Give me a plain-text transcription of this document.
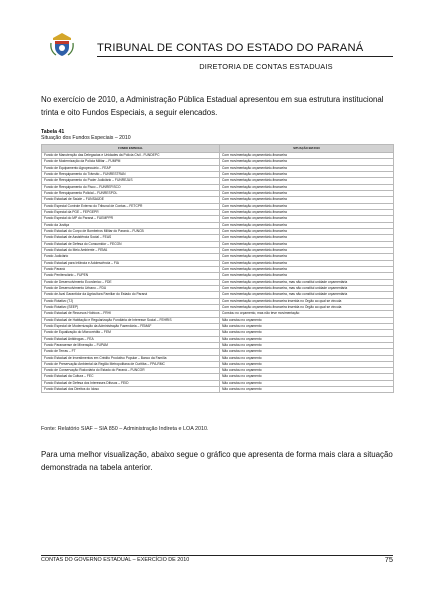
TRIBUNAL DE CONTAS DO ESTADO DO PARANÁ
DIRETORIA DE CONTAS ESTADUAIS

No exercício de 2010, a Administração Pública Estadual apresentou em sua estrutura institucional trinta e oito Fundos Especiais, a seguir elencados.

Tabela 41
Situação dos Fundos Especiais – 2010
FUNDO ESPECIAL	SITUAÇÃO EM 2010
Fundo de Manutenção das Delegacias e Unidades da Polícia Civil - FUNDEPC	Com movimentação orçamentário-financeira
Fundo de Modernização da Polícia Militar – FUMPM	Com movimentação orçamentário-financeira
Fundo de Equipamento Agropecuário – FEAP	Com movimentação orçamentário-financeira
Fundo de Reequipamento do Trânsito – FUNRESTRAN	Com movimentação orçamentário-financeira
Fundo de Reequipamento do Poder Judiciário – FUNREJUS	Com movimentação orçamentário-financeira
Fundo de Reequipamento do Fisco – FUNREFISCO	Com movimentação orçamentário-financeira
Fundo de Reequipamento Policial – FUNRESPOL	Com movimentação orçamentário-financeira
Fundo Estadual de Saúde – FUNSAÚDE	Com movimentação orçamentário-financeira
Fundo Especial Controle Externo do Tribunal de Contas – FETCPR	Com movimentação orçamentário-financeira
Fundo Especial da PGE – FEPGEPR	Com movimentação orçamentário-financeira
Fundo Especial do MP do Paraná – FUEMPPR	Com movimentação orçamentário-financeira
Fundo da Justiça	Com movimentação orçamentário-financeira
Fundo Estadual do Corpo de Bombeiros Militar do Paraná – FUNCB	Com movimentação orçamentário-financeira
Fundo Estadual de Assistência Social – FEAS	Com movimentação orçamentário-financeira
Fundo Estadual de Defesa do Consumidor – FECON	Com movimentação orçamentário-financeira
Fundo Estadual do Meio Ambiente – FEMA	Com movimentação orçamentário-financeira
Fundo Judiciário	Com movimentação orçamentário-financeira
Fundo Estadual para Infância e Adolescência – FIA	Com movimentação orçamentário-financeira
Fundo Paraná	Com movimentação orçamentário-financeira
Fundo Penitenciário – FUPEN	Com movimentação orçamentário-financeira
Fundo de Desenvolvimento Econômico – FDE	Com movimentação orçamentário-financeira, mas não constitui unidade orçamentária
Fundo de Desenvolvimento Urbano – FDU	Com movimentação orçamentário-financeira, mas não constitui unidade orçamentária
Fundo de Aval Garantidor da Agricultura Familiar do Estado do Paraná	Com movimentação orçamentário-financeira, mas não constitui unidade orçamentária
Fundo Rotativo (TJ)	Com movimentação orçamentário-financeira inserida no Órgão ao qual se vincula
Fundo Rotativo (SEEP)	Com movimentação orçamentário-financeira inserida no Órgão ao qual se vincula
Fundo Estadual de Recursos Hídricos – FRHI	Constou no orçamento, mas não teve movimentação
Fundo Estadual de Habitação e Regularização Fundiária de Interesse Social – FEHRIS	Não constou no orçamento
Fundo Especial de Modernização da Administração Fazendária – FEMAF	Não constou no orçamento
Fundo de Equalização do Microcrédito – FEM	Não constou no orçamento
Fundo Estadual Antidrogas – FEA	Não constou no orçamento
Fundo Paranaense de Mineração – FUPAM	Não constou no orçamento
Fundo de Terras – FT	Não constou no orçamento
Fundo Estadual de Investimentos em Crédito Produtivo Popular – Banco da Família	Não constou no orçamento
Fundo de Preservação Ambiental da Região Metropolitana de Curitiba – FPA-RMC	Não constou no orçamento
Fundo de Conservação Rodoviária do Estado do Paraná – FUNCOR	Não constou no orçamento
Fundo Estadual da Cultura – FEC	Não constou no orçamento
Fundo Estadual de Defesa dos Interesses Difusos – FEID	Não constou no orçamento
Fundo Estadual dos Direitos do Idoso	Não constou no orçamento
Fonte: Relatório SIAF – SIA 850 – Administração Indireta e LOA 2010.

Para uma melhor visualização, abaixo segue o gráfico que apresenta de forma mais clara a situação demonstrada na tabela anterior.

CONTAS DO GOVERNO ESTADUAL – EXERCÍCIO DE 2010	75
